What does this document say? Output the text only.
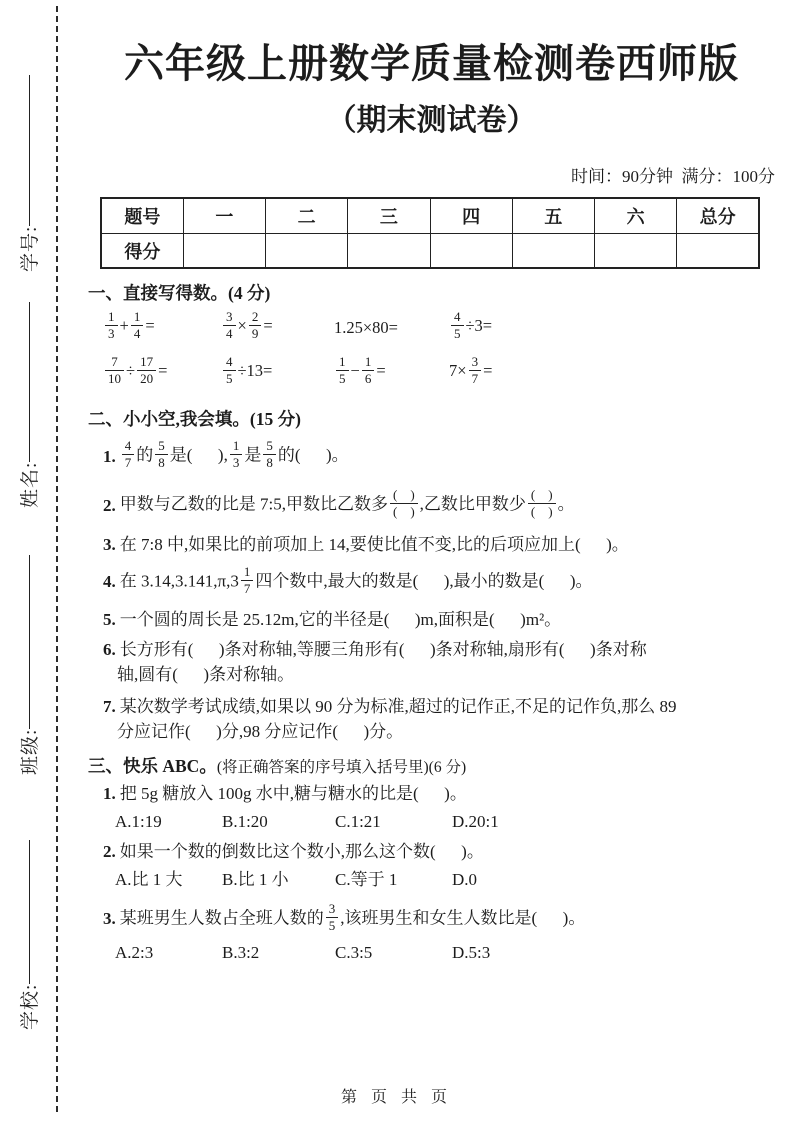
学号:
姓名:
班级:
学校:
六年级上册数学质量检测卷西师版
（期末测试卷）
时间：90分钟  满分：100分
题号	一	二	三	四	五	六	总分
得分							
一、直接写得数。(4 分)
$\frac{1}{3} + \frac{1}{4}$ =	$\frac{3}{4} \times \frac{2}{9}$ =	1.25×80=	$\frac{4}{5} \div 3=$
$\frac{7}{10} \div \frac{17}{20}$ =	$\frac{4}{5} \div 13=$	$\frac{1}{5} - \frac{1}{6}$ =	$7\times \frac{3}{7}$ =
二、小小空,我会填。(15 分)
1. $\frac{4}{7}$ 的 $\frac{5}{8}$ 是(      ), $\frac{1}{3}$ 是 $\frac{5}{8}$ 的(      )。
2. 甲数与乙数的比是 7:5,甲数比乙数多 $\frac{( )}{( )}$ ,乙数比甲数少 $\frac{( )}{( )}$ 。
3. 在 7:8 中,如果比的前项加上 14,要使比值不变,比的后项应加上(      )。
4. 在 $3.14,3.141,\pi,3 \frac{1}{7}$ 四个数中,最大的数是(      ),最小的数是(      )。
5. 一个圆的周长是 25.12m,它的半径是(      )m,面积是(      )m²。
6. 长方形有(      )条对称轴,等腰三角形有(      )条对称轴,扇形有(      )条对称
轴,圆有(      )条对称轴。
7. 某次数学考试成绩,如果以 90 分为标准,超过的记作正,不足的记作负,那么 89
分应记作(      )分,98 分应记作(      )分。
三、快乐 ABC。(将正确答案的序号填入括号里)(6 分)
1. 把 5g 糖放入 100g 水中,糖与糖水的比是(      )。
A.1:19	B.1:20	C.1:21	D.20:1
2. 如果一个数的倒数比这个数小,那么这个数(      )。
A.比 1 大	B.比 1 小	C.等于 1	D.0
3. 某班男生人数占全班人数的 $\frac{3}{5}$ ,该班男生和女生人数比是(      )。
A.2:3	B.3:2	C.3:5	D.5:3
第 页 共 页
